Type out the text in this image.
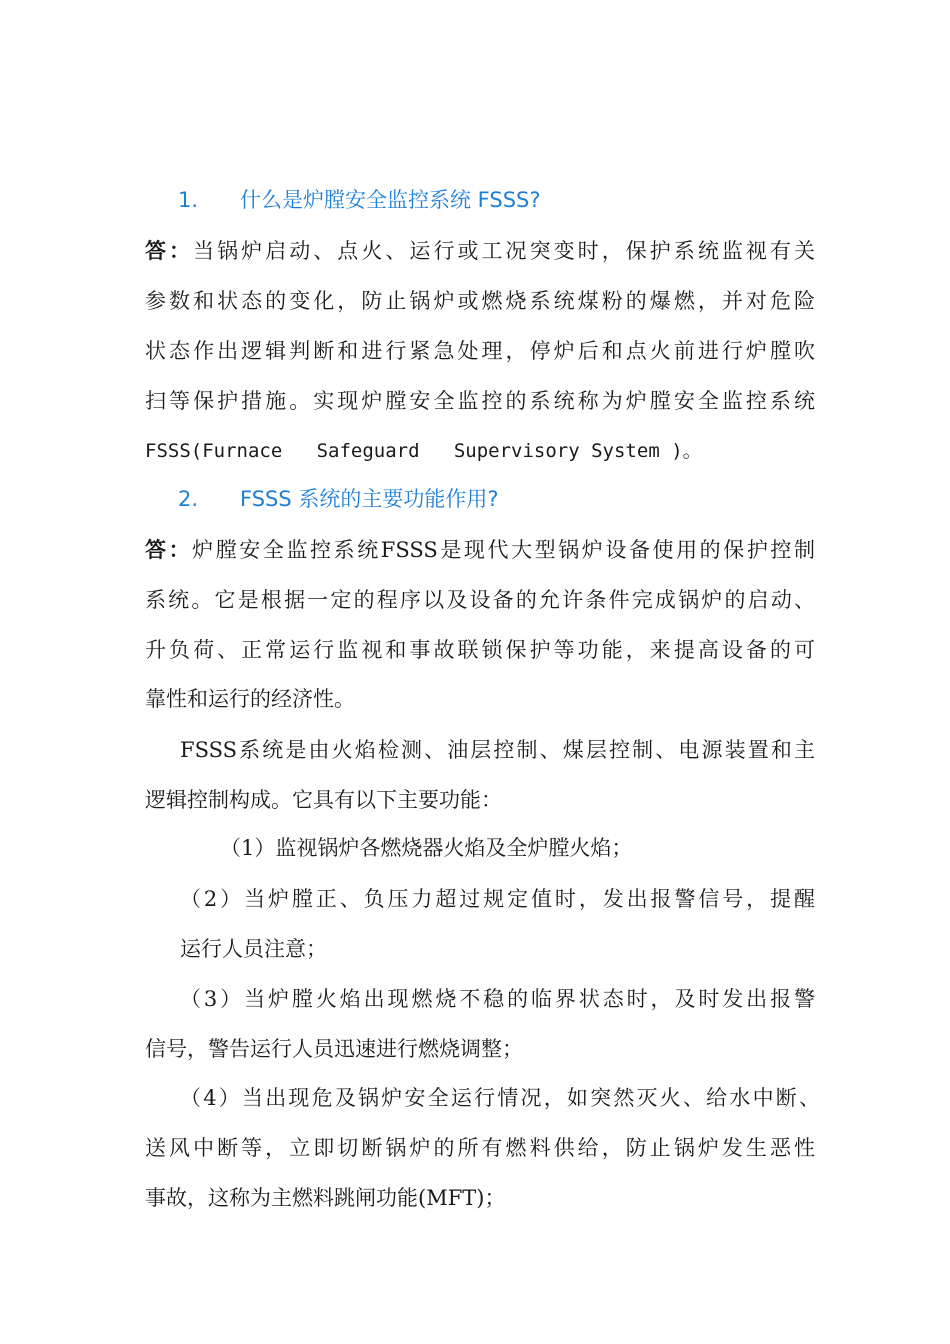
1. 什么是炉膛安全监控系统 FSSS?
答：当锅炉启动、点火、运行或工况突变时，保护系统监视有关
参数和状态的变化，防止锅炉或燃烧系统煤粉的爆燃，并对危险
状态作出逻辑判断和进行紧急处理，停炉后和点火前进行炉膛吹
扫等保护措施。实现炉膛安全监控的系统称为炉膛安全监控系统
FSSS(Furnace   Safeguard   Supervisory System )。
2. FSSS 系统的主要功能作用?
答：炉膛安全监控系统FSSS是现代大型锅炉设备使用的保护控制
系统。它是根据一定的程序以及设备的允许条件完成锅炉的启动、
升负荷、正常运行监视和事故联锁保护等功能，来提高设备的可
靠性和运行的经济性。
FSSS系统是由火焰检测、油层控制、煤层控制、电源装置和主
逻辑控制构成。它具有以下主要功能：
（1）监视锅炉各燃烧器火焰及全炉膛火焰；
（2）当炉膛正、负压力超过规定值时，发出报警信号，提醒
运行人员注意；
（3）当炉膛火焰出现燃烧不稳的临界状态时，及时发出报警
信号，警告运行人员迅速进行燃烧调整；
（4）当出现危及锅炉安全运行情况，如突然灭火、给水中断、
送风中断等，立即切断锅炉的所有燃料供给，防止锅炉发生恶性
事故，这称为主燃料跳闸功能(MFT)；
